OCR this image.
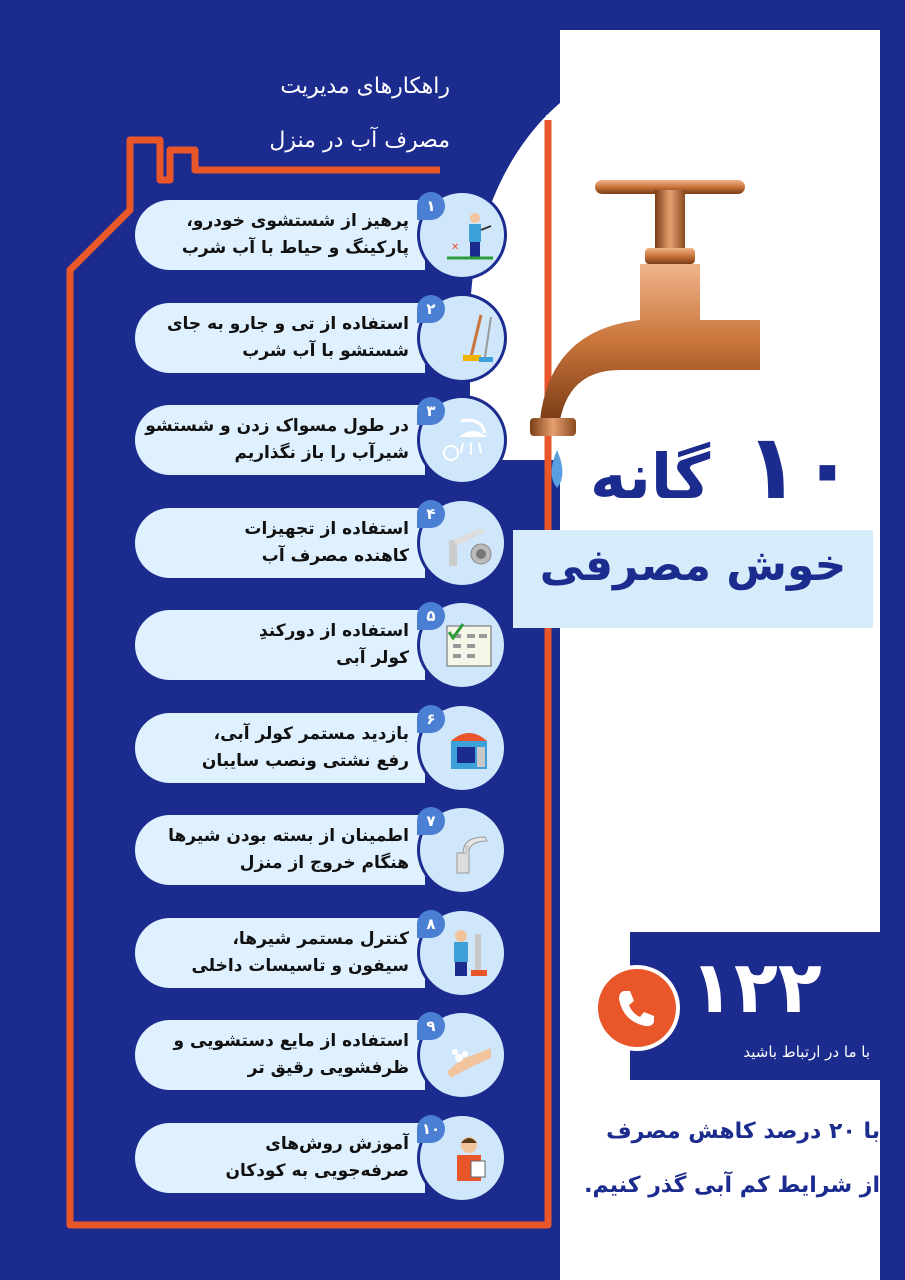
راهکارهای مدیریت
مصرف آب در منزل
پرهیز از شستشوی خودرو،
پارکینگ و حیاط با آب شرب	✕
۱
استفاده از تی و جارو به جای
شستشو با آب شرب
۲
در طول مسواک زدن و شستشو
شیرآب را باز نگذاریم
۳
استفاده از تجهیزات
کاهنده مصرف آب
۴
استفاده از دورکندِ
کولر آبی
۵
بازدید مستمر کولر آبی،
رفع نشتی ونصب سایبان
۶
اطمینان از بسته بودن شیرها
هنگام خروج از منزل
۷
کنترل مستمر شیرها،
سیفون و تاسیسات داخلی
۸
استفاده از مایع دستشویی و
ظرفشویی رقیق تر
۹
آموزش روش‌های
صرفه‌جویی به کودکان
۱۰
۱۰
گانه
خوش مصرفی
۱۲۲
با ما در ارتباط باشید
با ۲۰ درصد کاهش مصرف
از شرایط کم آبی گذر کنیم.
